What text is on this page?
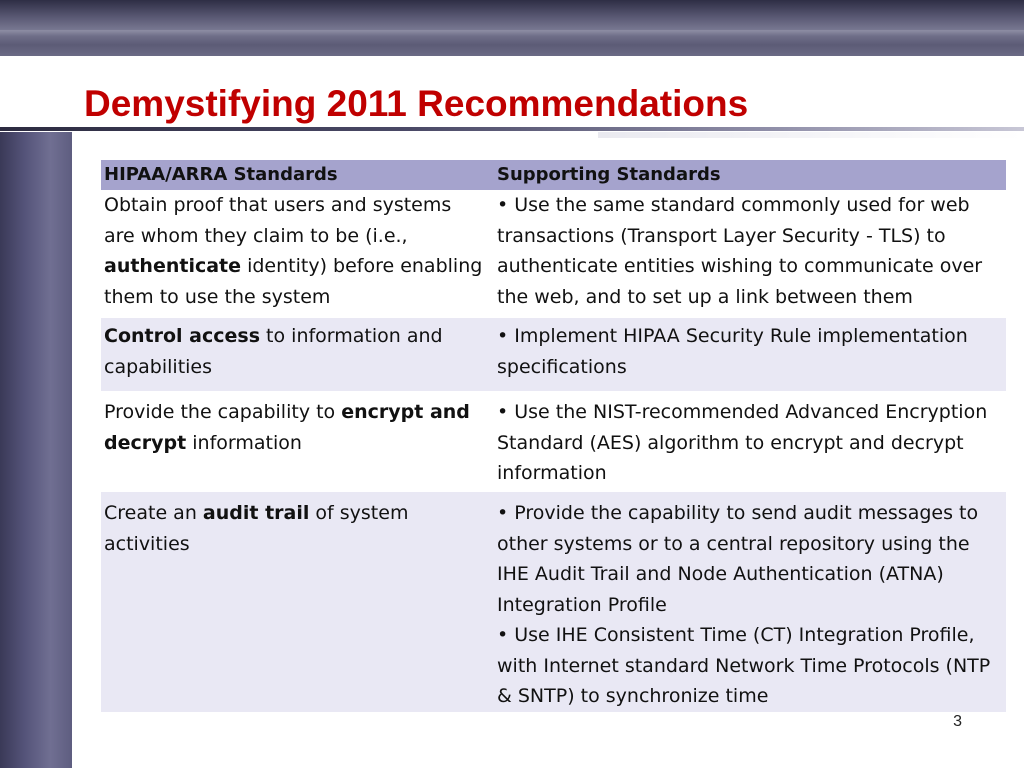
Demystifying 2011 Recommendations
HIPAA/ARRA Standards	Supporting Standards
Obtain proof that users and systems are whom they claim to be (i.e., authenticate identity) before enabling them to use the system	• Use the same standard commonly used for web transactions (Transport Layer Security - TLS) to authenticate entities wishing to communicate over the web, and to set up a link between them

Control access to information and capabilities	• Implement HIPAA Security Rule implementation specifications

Provide the capability to encrypt and decrypt information	• Use the NIST-recommended Advanced Encryption Standard (AES) algorithm to encrypt and decrypt information

Create an audit trail of system activities	• Provide the capability to send audit messages to other systems or to a central repository using the IHE Audit Trail and Node Authentication (ATNA) Integration Profile
• Use IHE Consistent Time (CT) Integration Profile, with Internet standard Network Time Protocols (NTP & SNTP) to synchronize time
3
